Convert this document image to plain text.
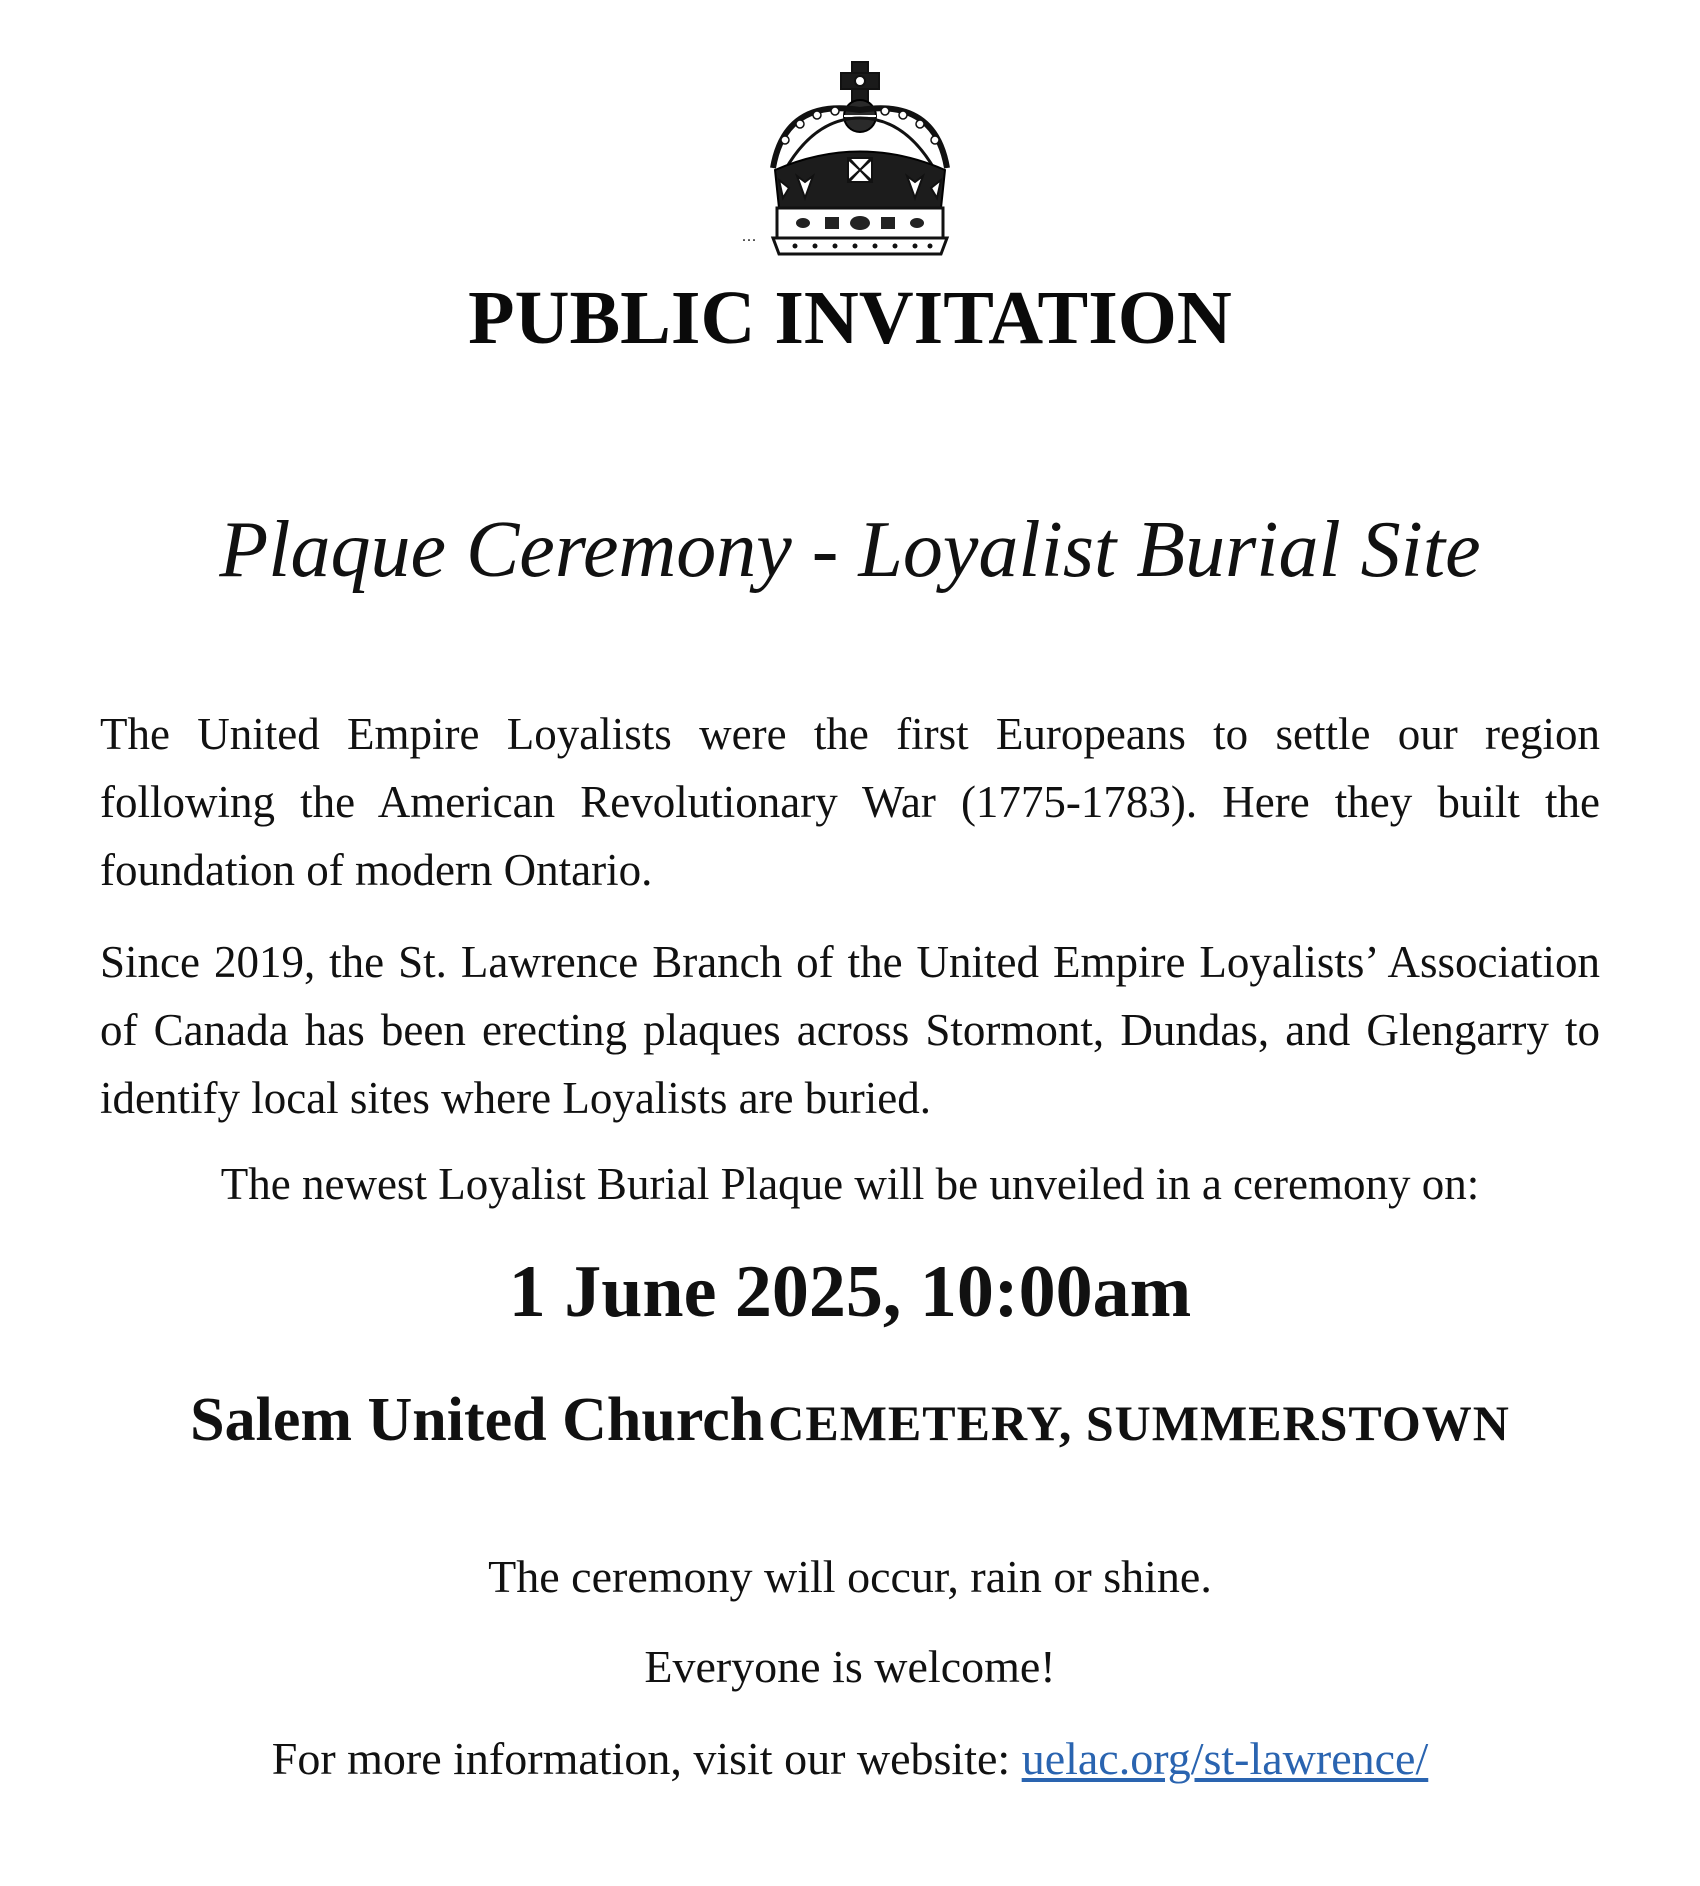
...
PUBLIC INVITATION
Plaque Ceremony - Loyalist Burial Site
The United Empire Loyalists were the first Europeans to settle our region following the American Revolutionary War (1775-1783). Here they built the foundation of modern Ontario.
Since 2019, the St. Lawrence Branch of the United Empire Loyalists’ Association of Canada has been erecting plaques across Stormont, Dundas, and Glengarry to identify local sites where Loyalists are buried.
The newest Loyalist Burial Plaque will be unveiled in a ceremony on:
1 June 2025, 10:00am
Salem United Church CEMETERY, SUMMERSTOWN
The ceremony will occur, rain or shine.
Everyone is welcome!
For more information, visit our website: uelac.org/st-lawrence/
